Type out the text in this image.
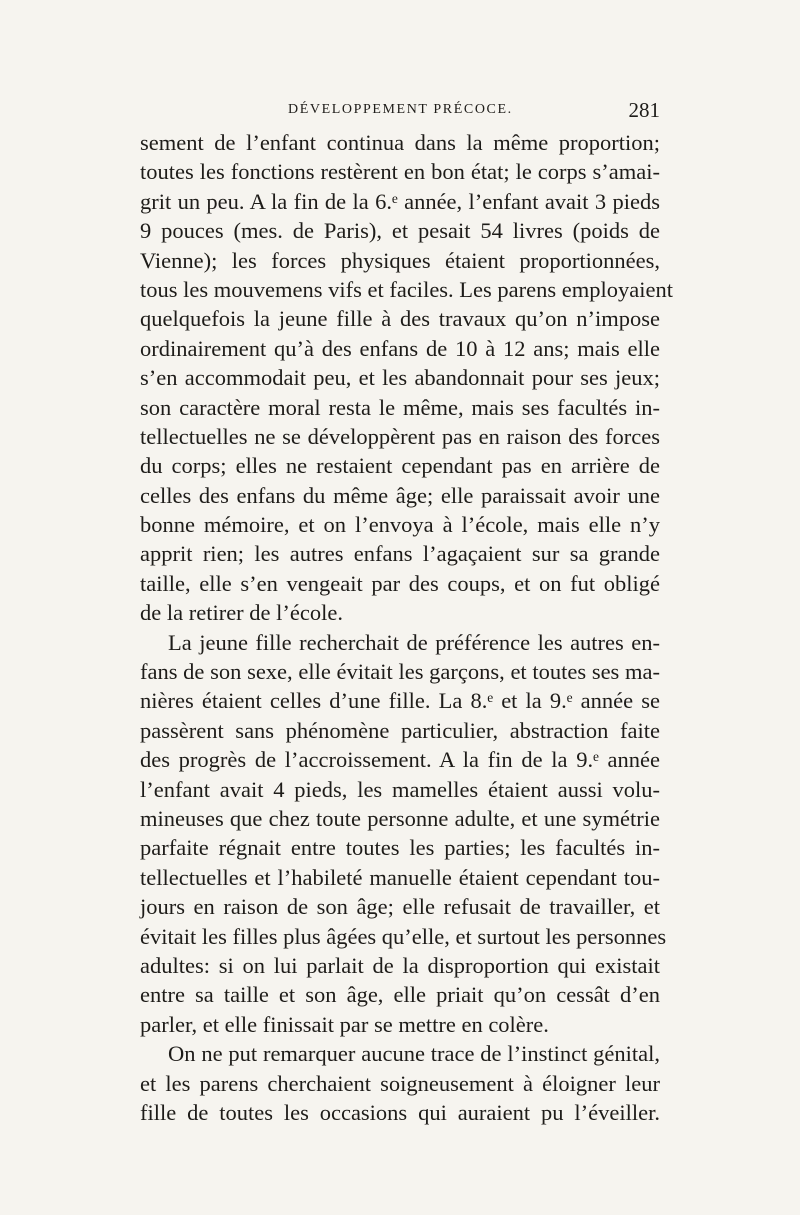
DÉVELOPPEMENT PRÉCOCE.	281
sement de l’enfant continua dans la même proportion;
toutes les fonctions restèrent en bon état; le corps s’amai-
grit un peu. A la fin de la 6.ᵉ année, l’enfant avait 3 pieds
9 pouces (mes. de Paris), et pesait 54 livres (poids de
Vienne); les forces physiques étaient proportionnées,
tous les mouvemens vifs et faciles. Les parens employaient
quelquefois la jeune fille à des travaux qu’on n’impose
ordinairement qu’à des enfans de 10 à 12 ans; mais elle
s’en accommodait peu, et les abandonnait pour ses jeux;
son caractère moral resta le même, mais ses facultés in-
tellectuelles ne se développèrent pas en raison des forces
du corps; elles ne restaient cependant pas en arrière de
celles des enfans du même âge; elle paraissait avoir une
bonne mémoire, et on l’envoya à l’école, mais elle n’y
apprit rien; les autres enfans l’agaçaient sur sa grande
taille, elle s’en vengeait par des coups, et on fut obligé
de la retirer de l’école.
La jeune fille recherchait de préférence les autres en-
fans de son sexe, elle évitait les garçons, et toutes ses ma-
nières étaient celles d’une fille. La 8.ᵉ et la 9.ᵉ année se
passèrent sans phénomène particulier, abstraction faite
des progrès de l’accroissement. A la fin de la 9.ᵉ année
l’enfant avait 4 pieds, les mamelles étaient aussi volu-
mineuses que chez toute personne adulte, et une symétrie
parfaite régnait entre toutes les parties; les facultés in-
tellectuelles et l’habileté manuelle étaient cependant tou-
jours en raison de son âge; elle refusait de travailler, et
évitait les filles plus âgées qu’elle, et surtout les personnes
adultes: si on lui parlait de la disproportion qui existait
entre sa taille et son âge, elle priait qu’on cessât d’en
parler, et elle finissait par se mettre en colère.
On ne put remarquer aucune trace de l’instinct génital,
et les parens cherchaient soigneusement à éloigner leur
fille de toutes les occasions qui auraient pu l’éveiller.
